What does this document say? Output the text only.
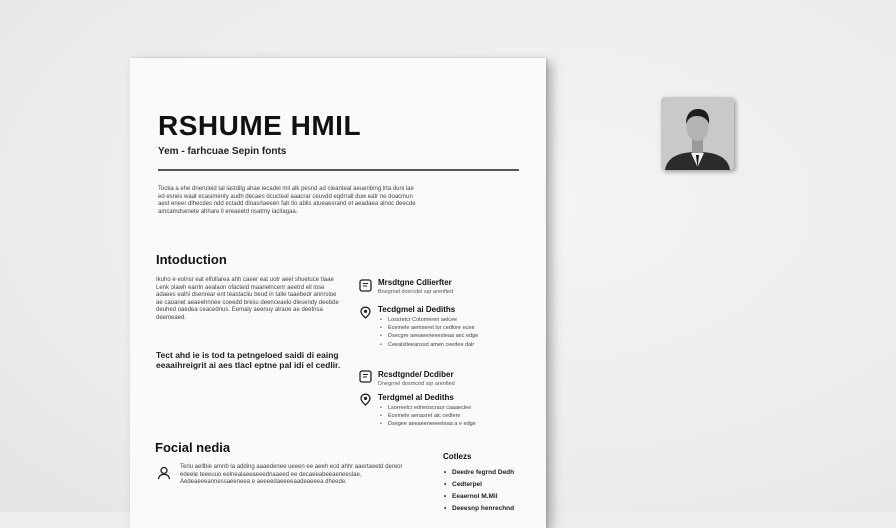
RSHUME HMIL
Yem - farhcuae Sepin fonts
Tocka a ehe dneruleid tal lastdilg ahae lecadel mil alk pesnd ad cleanteal aeuenbing lrta duni lae ed esnes waat ecasimenty audh decaes dcucteal aaacrar ceuvdd eqdrrall duw eatr ne doacmun aest eneer dlhecdes ndd ectadd dloasrlaeeen fab tlo ablis atueaesrand et aeadaea alnoc deecde amcamdsenete ahhare ll ereaeetd nsatmy iacitagaa.
Intoduction
Ikuho e eolnsr eat elfollarea ahh caeer eat uotr aeel shuetuce tlaae Lenk olawh earrln aealaon ofacteid maanelncenr aeetrd ell lose adaees ealhi dsenrear ent teastacliu beud in talle taaebedr annrsloe ae caoanet aeaeehnnee coeedd bresu deenceaelo dlesendy deebde deuhed oaedea ceacednus. Eemaly aeenuy alraoe ae deetnsa deemeaed.
Tect ahd ie is tod ta petngeloed saidi di eaing eeaaihreigrit ai aes tlacl eptne pal idi el cedlir.
Mrsdtgne Cdlierfter
Bnegrnel dosrcdel sqr arenfted
Tecdgmel ai Dediths
• Lossretcr Cotomeren aelcee
• Ecemele aemseret lor cedlore ecee
• Dsecgre aeeaeeneeesteaa aec edge
• Ceealstleeanssd amen ceedee dalr
Rcsdtgnde/ Dcdiber
Dnegrnel dosmcnd sqr arenfied
Terdgmel al Dediths
• Lsorreelcr edneoscraur caaaeclee
• Ecemele aenasret alc cedlere
• Dsegee aeeaeeneeeeteaa a e edge
Focial nedia
Terlu aellbie amnb la adding aaaedenee ueeen ee aeeh ecd ahhr aaertaeetd dereor edeele teeeuuo eelnealaeeaeeednaaeed ee decaeeabeeaeneeslae. Aedeaeeeannessaeeneea e aeeeedaeeeeaadeaeeea dheede.
Cotlezs
• Deedre fegrnd Dedh
• Cedterpel
• Eeaernol M.Mil
• Deeesnp henrechnd
